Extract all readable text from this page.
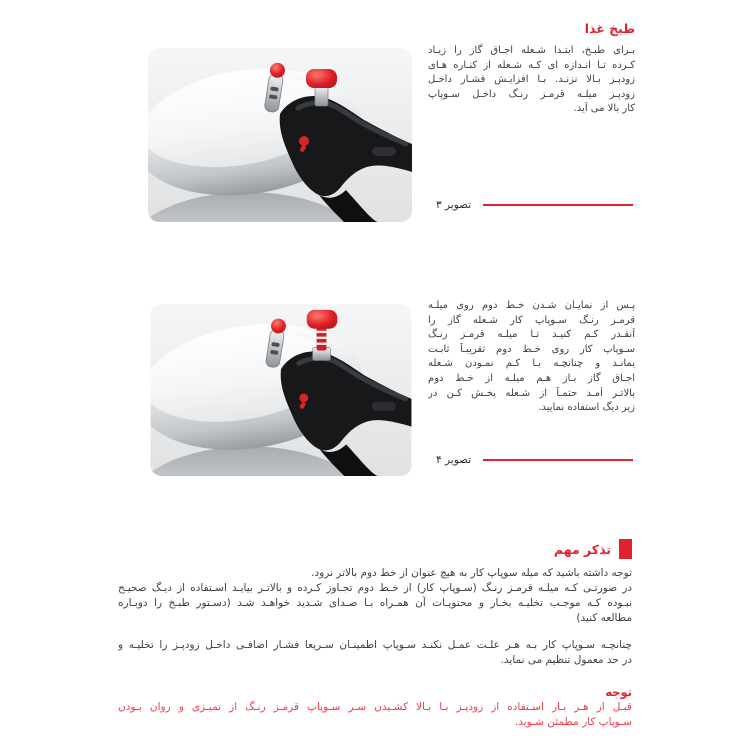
طبخ غذا
بـرای طبـخ، ابتـدا شـعله اجـاق گاز را زیـاد
کـرده تـا انـدازه ای کـه شـعله از کنـاره هـای
زودپـز بـالا نزنـد. بـا افزایـش فشـار داخـل
زودپـز میلـه قرمـز رنـگ داخـل سـوپاپ
کار بالا می آید.
تصویر ۳
پـس از نمایـان شـدن خـط دوم روی میلـه
قرمـز رنـگ سـوپاپ کار شـعله گاز را
آنقـدر کـم کنیـد تـا میلـه قرمـز رنـگ
سـوپاپ کار روی خـط دوم تقریبـاً ثابـت
بمانـد و چنانچـه بـا کـم نمـودن شـعله
اجـاق گاز بـاز هـم میلـه از خـط دوم
بالاتـر آمـد حتمـاً از شـعله پخـش کـن در
زیر دیگ استفاده نمایید.
تصویر ۴
تذکر مهم
توجه داشته باشید که میله سوپاپ کار به هیچ عنوان از خط دوم بالاتر نرود.
در صورتـی کـه میلـه قرمـز رنـگ (سـوپاپ کار) از خـط دوم تجـاوز کـرده و بالاتـر بیایـد اسـتفاده از دیـگ صحیـح
نبـوده کـه موجـب تخلیـه بخـار و محتویـات آن همـراه بـا صـدای شـدید خواهـد شـد (دسـتور طبـخ را دوبـاره
مطالعه کنید)
چنانچـه سـوپاپ کار بـه هـر علـت عمـل نکنـد سـوپاپ اطمینـان سـریعا فشـار اضافـی داخـل زودپـز را تخلیـه و
در حد معمول تنظیم می نماید.
توجه
قبـل از هـر بـار اسـتفاده از زودپـز بـا بـالا کشـیدن سـر سـوپاپ قرمـز رنـگ از تمیـزی و روان بـودن
سـوپاپ کار مطمئن شـوید.
